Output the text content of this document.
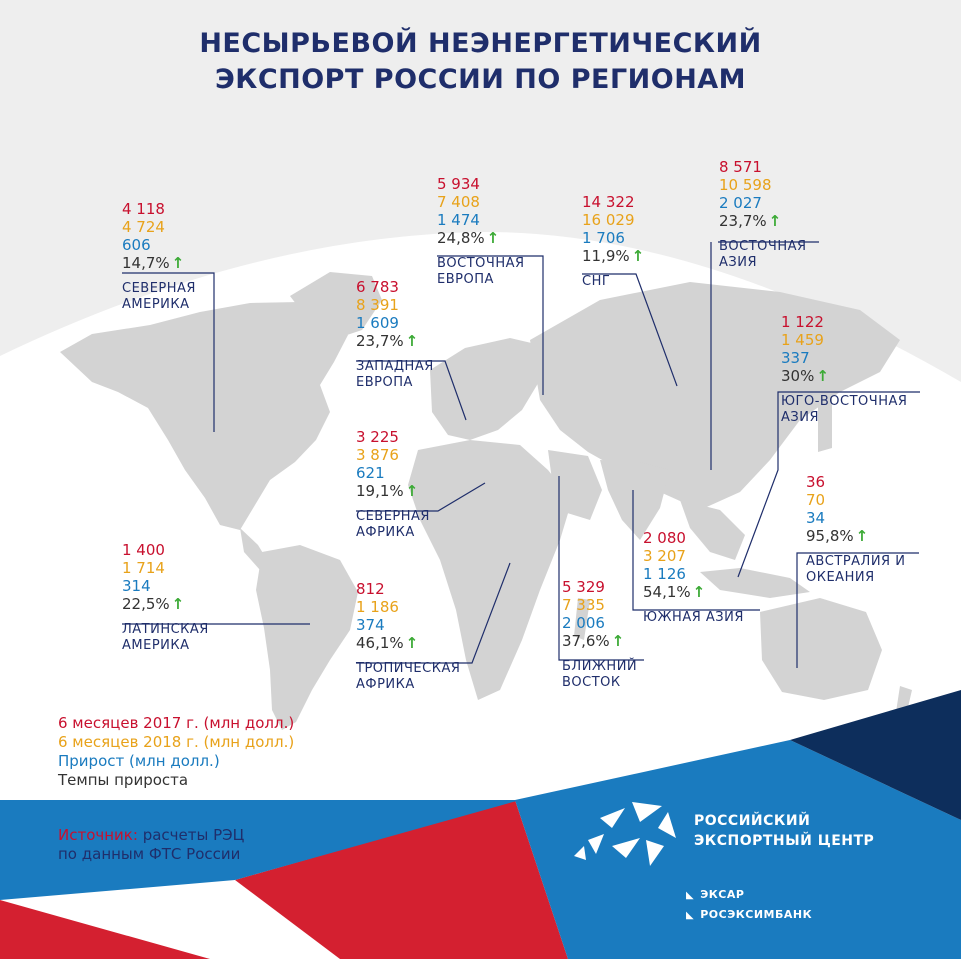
НЕСЫРЬЕВОЙ НЕЭНЕРГЕТИЧЕСКИЙ
ЭКСПОРТ РОССИИ ПО РЕГИОНАМ
4 118
4 724
606
14,7% ↑
СЕВЕРНАЯ
АМЕРИКА
1 400
1 714
314
22,5% ↑
ЛАТИНСКАЯ
АМЕРИКА
6 783
8 391
1 609
23,7% ↑
ЗАПАДНАЯ
ЕВРОПА
5 934
7 408
1 474
24,8% ↑
ВОСТОЧНАЯ
ЕВРОПА
14 322
16 029
1 706
11,9% ↑
СНГ
8 571
10 598
2 027
23,7% ↑
ВОСТОЧНАЯ
АЗИЯ
1 122
1 459
337
30% ↑
ЮГО-ВОСТОЧНАЯ
АЗИЯ
3 225
3 876
621
19,1% ↑
СЕВЕРНАЯ
АФРИКА
812
1 186
374
46,1% ↑
ТРОПИЧЕСКАЯ
АФРИКА
5 329
7 335
2 006
37,6% ↑
БЛИЖНИЙ
ВОСТОК
2 080
3 207
1 126
54,1% ↑
ЮЖНАЯ АЗИЯ
36
70
34
95,8% ↑
АВСТРАЛИЯ И
ОКЕАНИЯ
6 месяцев 2017 г. (млн долл.)
6 месяцев 2018 г. (млн долл.)
Прирост (млн долл.)
Темпы прироста
Источник: расчеты РЭЦ
по данным ФТС России
РОССИЙСКИЙ
ЭКСПОРТНЫЙ ЦЕНТР
◣ ЭКСАР
◣ РОСЭКСИМБАНК
